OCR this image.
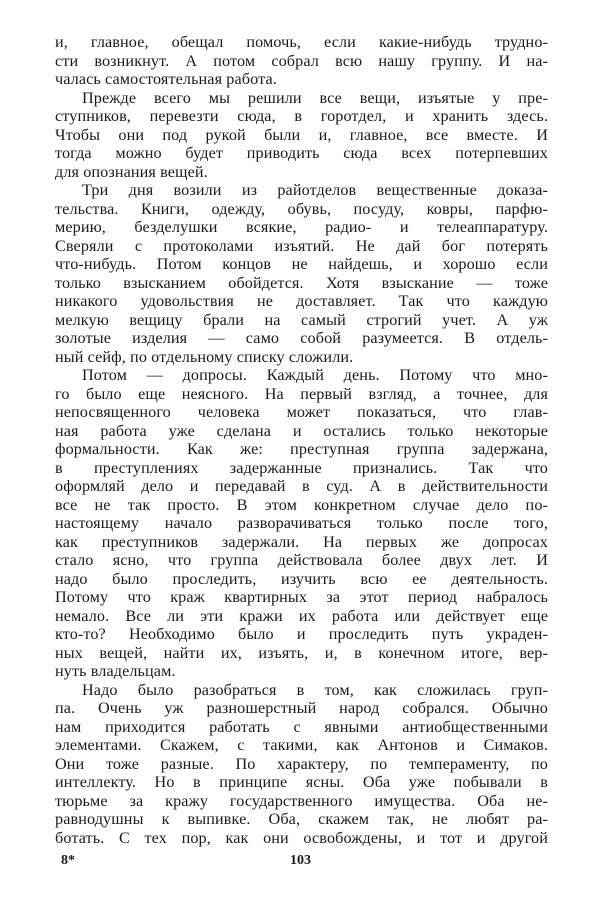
и, главное, обещал помочь, если какие-нибудь трудно-
сти возникнут. А потом собрал всю нашу группу. И на-
чалась самостоятельная работа.
Прежде всего мы решили все вещи, изъятые у пре-
ступников, перевезти сюда, в горотдел, и хранить здесь.
Чтобы они под рукой были и, главное, все вместе. И
тогда можно будет приводить сюда всех потерпевших
для опознания вещей.
Три дня возили из райотделов вещественные доказа-
тельства. Книги, одежду, обувь, посуду, ковры, парфю-
мерию, безделушки всякие, радио- и телеаппаратуру.
Сверяли с протоколами изъятий. Не дай бог потерять
что-нибудь. Потом концов не найдешь, и хорошо если
только взысканием обойдется. Хотя взыскание — тоже
никакого удовольствия не доставляет. Так что каждую
мелкую вещицу брали на самый строгий учет. А уж
золотые изделия — само собой разумеется. В отдель-
ный сейф, по отдельному списку сложили.
Потом — допросы. Каждый день. Потому что мно-
го было еще неясного. На первый взгляд, а точнее, для
непосвященного человека может показаться, что глав-
ная работа уже сделана и остались только некоторые
формальности. Как же: преступная группа задержана,
в преступлениях задержанные признались. Так что
оформляй дело и передавай в суд. А в действительности
все не так просто. В этом конкретном случае дело по-
настоящему начало разворачиваться только после того,
как преступников задержали. На первых же допросах
стало ясно, что группа действовала более двух лет. И
надо было проследить, изучить всю ее деятельность.
Потому что краж квартирных за этот период набралось
немало. Все ли эти кражи их работа или действует еще
кто-то? Необходимо было и проследить путь украден-
ных вещей, найти их, изъять, и, в конечном итоге, вер-
нуть владельцам.
Надо было разобраться в том, как сложилась груп-
па. Очень уж разношерстный народ собрался. Обычно
нам приходится работать с явными антиобщественными
элементами. Скажем, с такими, как Антонов и Симаков.
Они тоже разные. По характеру, по темпераменту, по
интеллекту. Но в принципе ясны. Оба уже побывали в
тюрьме за кражу государственного имущества. Оба не-
равнодушны к выпивке. Оба, скажем так, не любят ра-
ботать. С тех пор, как они освобождены, и тот и другой
8*	103
